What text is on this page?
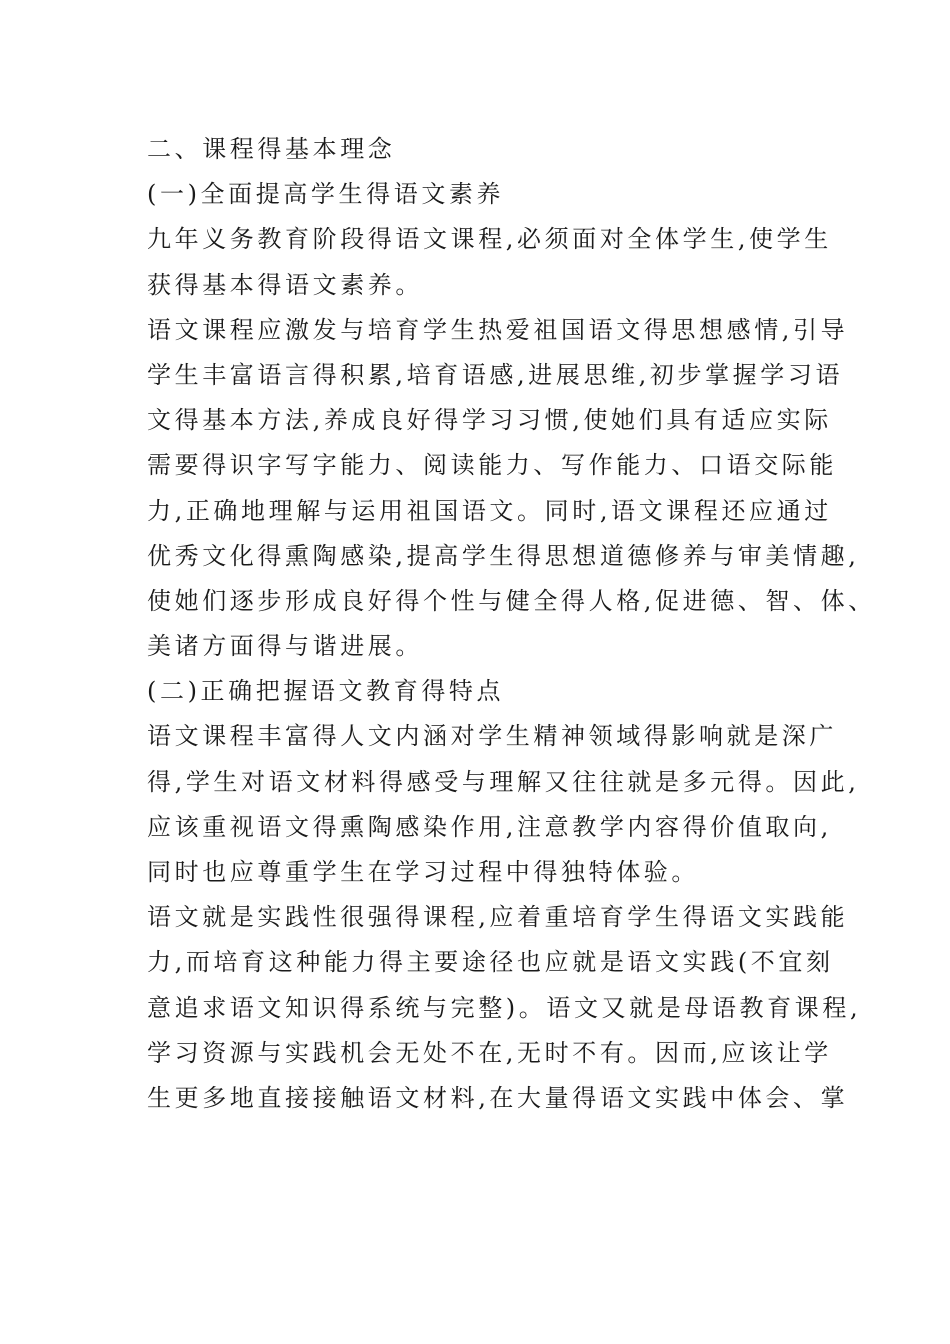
二、课程得基本理念
(一)全面提高学生得语文素养
九年义务教育阶段得语文课程,必须面对全体学生,使学生
获得基本得语文素养。
语文课程应激发与培育学生热爱祖国语文得思想感情,引导
学生丰富语言得积累,培育语感,进展思维,初步掌握学习语
文得基本方法,养成良好得学习习惯,使她们具有适应实际
需要得识字写字能力、阅读能力、写作能力、口语交际能
力,正确地理解与运用祖国语文。同时,语文课程还应通过
优秀文化得熏陶感染,提高学生得思想道德修养与审美情趣,
使她们逐步形成良好得个性与健全得人格,促进德、智、体、
美诸方面得与谐进展。
(二)正确把握语文教育得特点
语文课程丰富得人文内涵对学生精神领域得影响就是深广
得,学生对语文材料得感受与理解又往往就是多元得。因此,
应该重视语文得熏陶感染作用,注意教学内容得价值取向,
同时也应尊重学生在学习过程中得独特体验。
语文就是实践性很强得课程,应着重培育学生得语文实践能
力,而培育这种能力得主要途径也应就是语文实践(不宜刻
意追求语文知识得系统与完整)。语文又就是母语教育课程,
学习资源与实践机会无处不在,无时不有。因而,应该让学
生更多地直接接触语文材料,在大量得语文实践中体会、掌
